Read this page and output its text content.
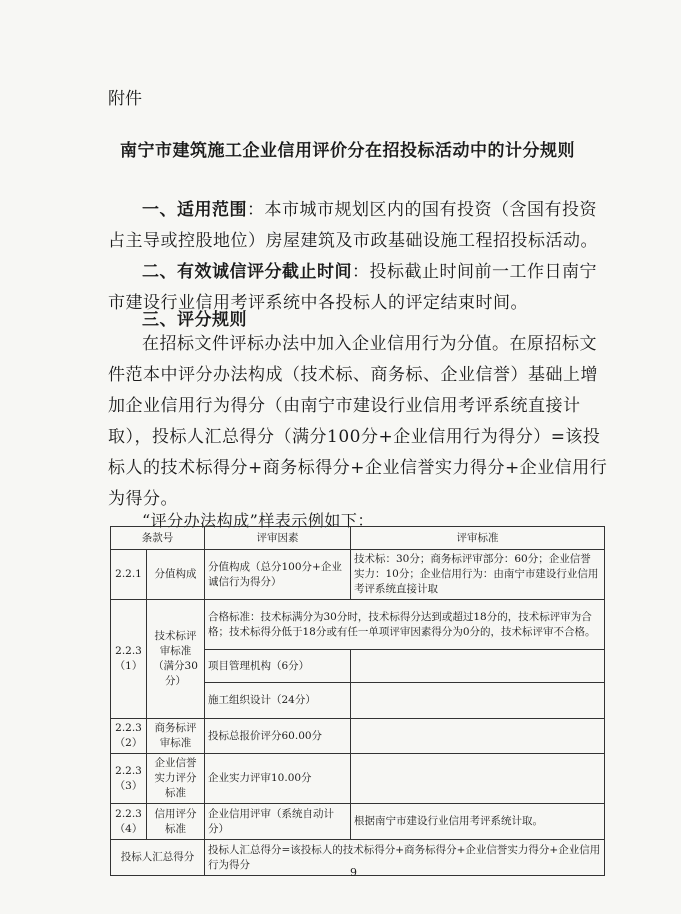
附件
南宁市建筑施工企业信用评价分在招投标活动中的计分规则
一、适用范围：本市城市规划区内的国有投资（含国有投资占主导或控股地位）房屋建筑及市政基础设施工程招投标活动。
二、有效诚信评分截止时间：投标截止时间前一工作日南宁市建设行业信用考评系统中各投标人的评定结束时间。
三、评分规则
在招标文件评标办法中加入企业信用行为分值。在原招标文件范本中评分办法构成（技术标、商务标、企业信誉）基础上增加企业信用行为得分（由南宁市建设行业信用考评系统直接计取），投标人汇总得分（满分100分+企业信用行为得分）=该投标人的技术标得分+商务标得分+企业信誉实力得分+企业信用行为得分。
“评分办法构成”样表示例如下：
条款号		评审因素	评审标准
2.2.1	分值构成	分值构成（总分100分+企业诚信行为得分）	技术标：30分；商务标评审部分：60分；企业信誉实力：10分；企业信用行为：由南宁市建设行业信用考评系统直接计取
2.2.3（1）	技术标评审标准（满分30分）	合格标准：技术标满分为30分时，技术标得分达到或超过18分的，技术标评审为合格；技术标得分低于18分或有任一单项评审因素得分为0分的，技术标评审不合格。	
		项目管理机构（6分）	
		施工组织设计（24分）	
2.2.3（2）	商务标评审标准	投标总报价评分60.00分	
2.2.3（3）	企业信誉实力评分标准	企业实力评审10.00分	
2.2.3（4）	信用评分标准	企业信用评审（系统自动计分）	根据南宁市建设行业信用考评系统计取。
投标人汇总得分		投标人汇总得分=该投标人的技术标得分+商务标得分+企业信誉实力得分+企业信用行为得分	
9
